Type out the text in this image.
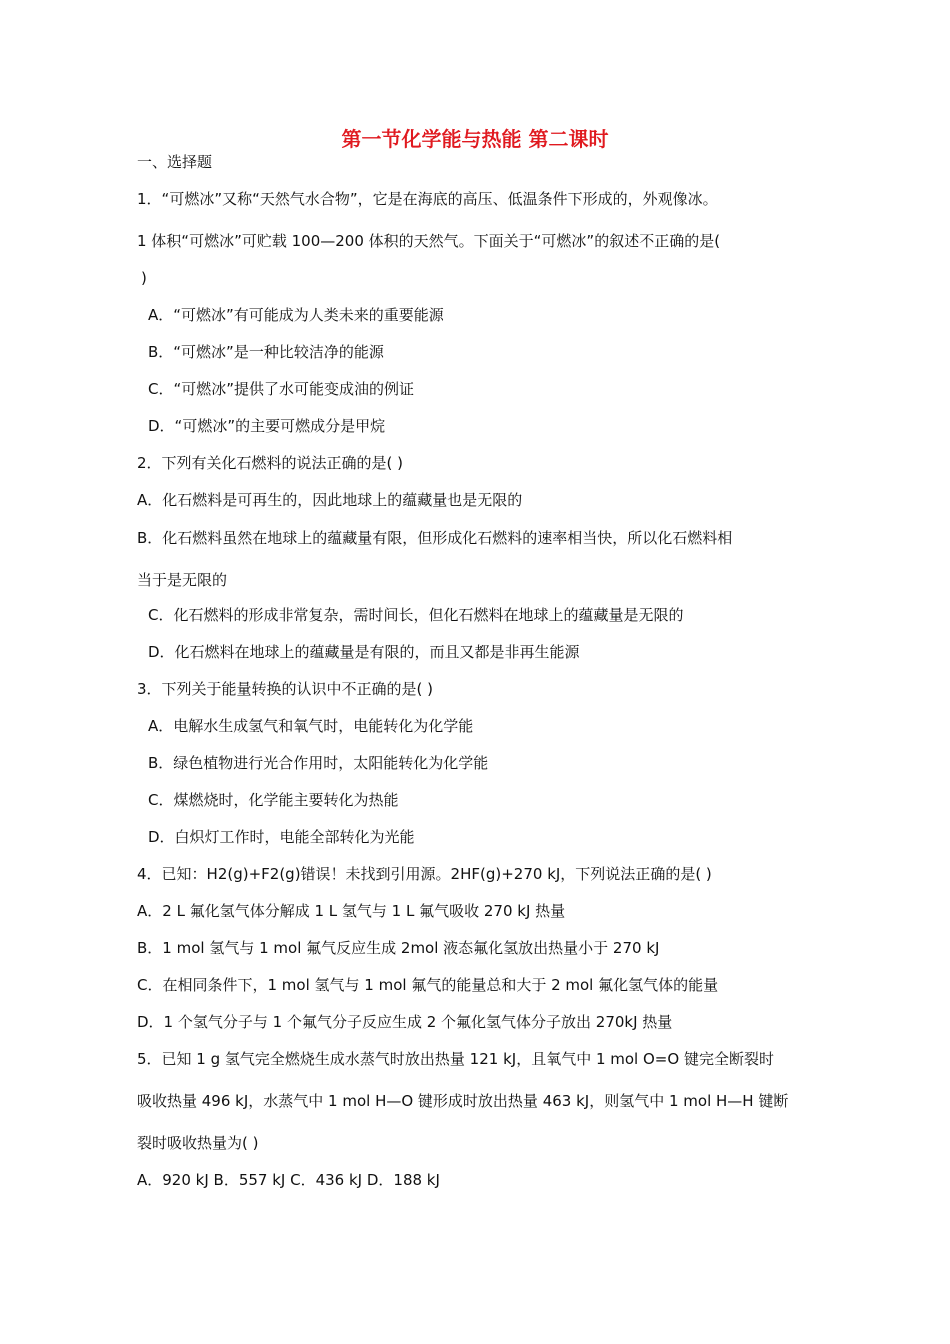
第一节化学能与热能 第二课时
一、选择题
1．“可燃冰”又称“天然气水合物”，它是在海底的高压、低温条件下形成的，外观像冰。
1 体积“可燃冰”可贮载 100—200 体积的天然气。下面关于“可燃冰”的叙述不正确的是(
)
A．“可燃冰”有可能成为人类未来的重要能源
B．“可燃冰”是一种比较洁净的能源
C．“可燃冰”提供了水可能变成油的例证
D．“可燃冰”的主要可燃成分是甲烷
2．下列有关化石燃料的说法正确的是( )
A．化石燃料是可再生的，因此地球上的蕴藏量也是无限的
B．化石燃料虽然在地球上的蕴藏量有限，但形成化石燃料的速率相当快，所以化石燃料相
当于是无限的
C．化石燃料的形成非常复杂，需时间长，但化石燃料在地球上的蕴藏量是无限的
D．化石燃料在地球上的蕴藏量是有限的，而且又都是非再生能源
3．下列关于能量转换的认识中不正确的是( )
A．电解水生成氢气和氧气时，电能转化为化学能
B．绿色植物进行光合作用时，太阳能转化为化学能
C．煤燃烧时，化学能主要转化为热能
D．白炽灯工作时，电能全部转化为光能
4．已知：H2(g)+F2(g)错误！未找到引用源。2HF(g)+270 kJ，下列说法正确的是( )
A．2 L 氟化氢气体分解成 1 L 氢气与 1 L 氟气吸收 270 kJ 热量
B．1 mol 氢气与 1 mol 氟气反应生成 2mol 液态氟化氢放出热量小于 270 kJ
C．在相同条件下，1 mol 氢气与 1 mol 氟气的能量总和大于 2 mol 氟化氢气体的能量
D．1 个氢气分子与 1 个氟气分子反应生成 2 个氟化氢气体分子放出 270kJ 热量
5．已知 1 g 氢气完全燃烧生成水蒸气时放出热量 121 kJ，且氧气中 1 mol O=O 键完全断裂时
吸收热量 496 kJ，水蒸气中 1 mol H—O 键形成时放出热量 463 kJ，则氢气中 1 mol H—H 键断
裂时吸收热量为( )
A．920 kJ B．557 kJ C．436 kJ D．188 kJ
